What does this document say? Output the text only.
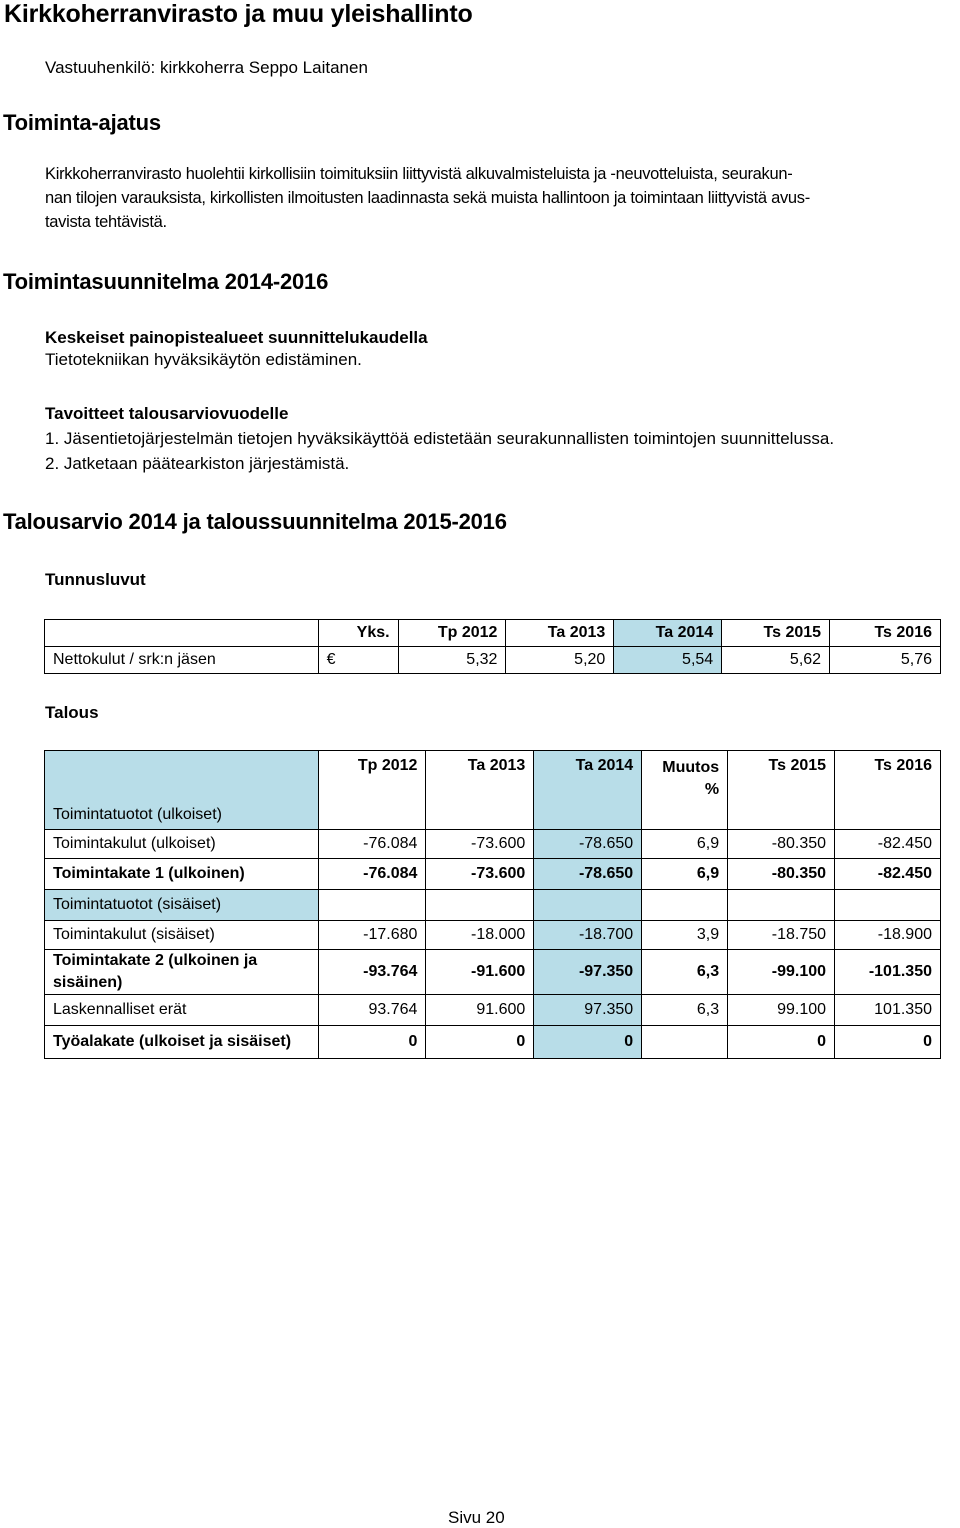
Kirkkoherranvirasto ja muu yleishallinto
Vastuuhenkilö: kirkkoherra Seppo Laitanen
Toiminta-ajatus
Kirkkoherranvirasto huolehtii kirkollisiin toimituksiin liittyvistä alkuvalmisteluista ja -neuvotteluista, seurakun-
nan tilojen varauksista, kirkollisten ilmoitusten laadinnasta sekä muista hallintoon ja toimintaan liittyvistä avus-
tavista tehtävistä.
Toimintasuunnitelma 2014-2016
Keskeiset painopistealueet suunnittelukaudella
Tietotekniikan hyväksikäytön edistäminen.
Tavoitteet talousarviovuodelle
1. Jäsentietojärjestelmän tietojen hyväksikäyttöä edistetään seurakunnallisten toimintojen suunnittelussa.
2. Jatketaan päätearkiston järjestämistä.
Talousarvio 2014 ja taloussuunnitelma 2015-2016
Tunnusluvut
	Yks.	Tp 2012	Ta 2013	Ta 2014	Ts 2015	Ts 2016
Nettokulut / srk:n jäsen	€	5,32	5,20	5,54	5,62	5,76
Talous
	Tp 2012	Ta 2013	Ta 2014	Muutos %	Ts 2015	Ts 2016
Toimintatuotot (ulkoiset)						
Toimintakulut (ulkoiset)	-76.084	-73.600	-78.650	6,9	-80.350	-82.450
Toimintakate 1 (ulkoinen)	-76.084	-73.600	-78.650	6,9	-80.350	-82.450
Toimintatuotot (sisäiset)						
Toimintakulut (sisäiset)	-17.680	-18.000	-18.700	3,9	-18.750	-18.900
Toimintakate 2 (ulkoinen ja sisäinen)	-93.764	-91.600	-97.350	6,3	-99.100	-101.350
Laskennalliset erät	93.764	91.600	97.350	6,3	99.100	101.350
Työalakate (ulkoiset ja sisäiset)	0	0	0		0	0
Sivu 20
